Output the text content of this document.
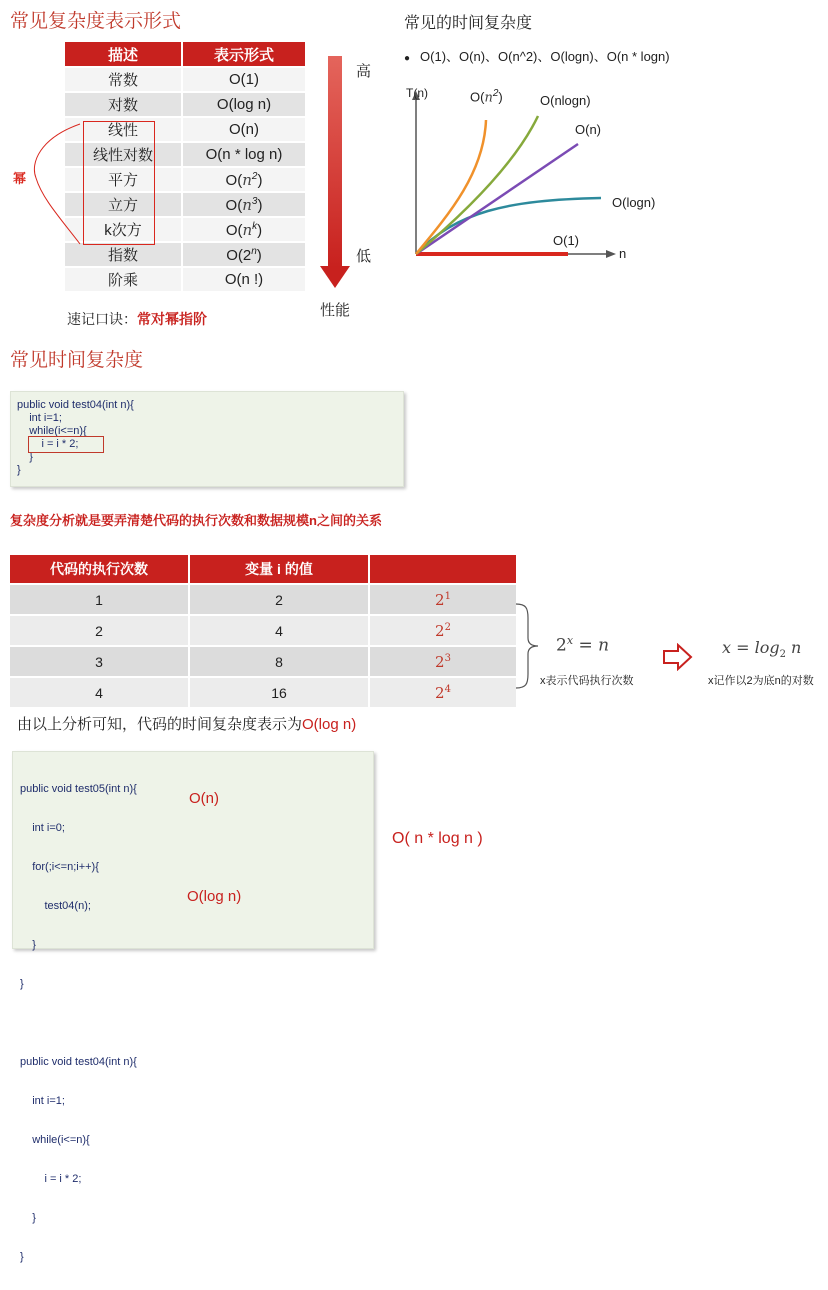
常见复杂度表示形式
描述	表示形式
常数	O(1)
对数	O(log n)
线性	O(n)
线性对数	O(n * log n)
平方	$O(n^2)$
立方	$O(n^3)$
k次方	$O(n^k)$
指数	O(2$^n$)
阶乘	O(n !)
幂
高
低
性能
速记口诀：常对幂指阶
常见的时间复杂度
● O(1)、O(n)、O(n^2)、O(logn)、O(n * logn)
T(n)
n
$O(n^2)$	O(nlogn)
O(n)
O(logn)
O(1)
常见时间复杂度
public void test04(int n){
int i=1;
while(i<=n){
i = i * 2;
}
}
复杂度分析就是要弄清楚代码的执行次数和数据规模n之间的关系
代码的执行次数	变量 i 的值	
1	2	$2^1$
2	4	$2^2$
3	8	$2^3$
4	16	$2^4$
$2^x = n$
x表示代码执行次数
$x = \log_2 n$
x记作以2为底n的对数
由以上分析可知，代码的时间复杂度表示为O(log n)

public void test05(int n){

int i=0;

for(;i<=n;i++){

test04(n);

}

}

public void test04(int n){

int i=1;

while(i<=n){

i = i * 2;

}

}

O(n)
O(log n)
O( n * log n )
